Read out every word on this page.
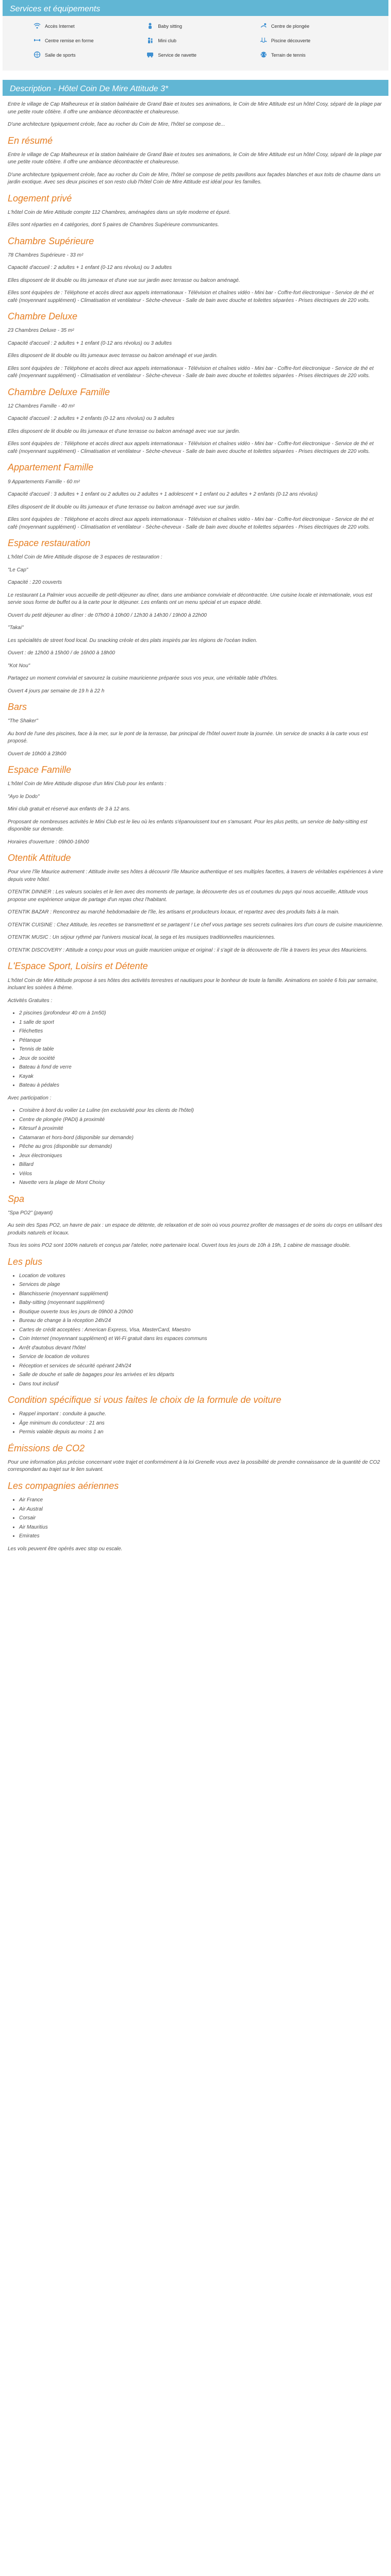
Services et équipements
Accès Internet	Baby sitting	Centre de plongée
Centre remise en forme	Mini club	Piscine découverte
Salle de sports	Service de navette	Terrain de tennis
Description - Hôtel Coin De Mire Attitude 3*

Entre le village de Cap Malheureux et la station balnéaire de Grand Baie et toutes ses animations, le Coin de Mire Attitude est un hôtel Cosy, séparé de la plage par une petite route côtière. Il offre une ambiance décontractée et chaleureuse.

D'une architecture typiquement créole, face au rocher du Coin de Mire, l'hôtel se compose de...

En résumé
Entre le village de Cap Malheureux et la station balnéaire de Grand Baie et toutes ses animations, le Coin de Mire Attitude est un hôtel Cosy, séparé de la plage par une petite route côtière. Il offre une ambiance décontractée et chaleureuse.
D'une architecture typiquement créole, face au rocher du Coin de Mire, l'hôtel se compose de petits pavillons aux façades blanches et aux toits de chaume dans un jardin exotique. Avec ses deux piscines et son resto club l'hôtel Coin de Mire Attitude est idéal pour les familles.
Logement privé
L'hôtel Coin de Mire Attitude compte 112 Chambres, aménagées dans un style moderne et épuré.
Elles sont réparties en 4 catégories, dont 5 paires de Chambres Supérieure communicantes.
Chambre Supérieure
78 Chambres Supérieure - 33 m²
Capacité d'accueil : 2 adultes + 1 enfant (0-12 ans révolus) ou 3 adultes
Elles disposent de lit double ou lits jumeaux et d'une vue sur jardin avec terrasse ou balcon aménagé.
Elles sont équipées de : Téléphone et accès direct aux appels internationaux - Télévision et chaînes vidéo - Mini bar - Coffre-fort électronique - Service de thé et café (moyennant supplément) - Climatisation et ventilateur - Sèche-cheveux - Salle de bain avec douche et toilettes séparées - Prises électriques de 220 volts.
Chambre Deluxe
23 Chambres Deluxe - 35 m²
Capacité d'accueil : 2 adultes + 1 enfant (0-12 ans révolus) ou 3 adultes
Elles disposent de lit double ou lits jumeaux avec terrasse ou balcon aménagé et vue jardin.
Elles sont équipées de : Téléphone et accès direct aux appels internationaux - Télévision et chaînes vidéo - Mini bar - Coffre-fort électronique - Service de thé et café (moyennant supplément) - Climatisation et ventilateur - Sèche-cheveux - Salle de bain avec douche et toilettes séparées - Prises électriques de 220 volts.
Chambre Deluxe Famille
12 Chambres Famille - 40 m²
Capacité d'accueil : 2 adultes + 2 enfants (0-12 ans révolus) ou 3 adultes
Elles disposent de lit double ou lits jumeaux et d'une terrasse ou balcon aménagé avec vue sur jardin.
Elles sont équipées de : Téléphone et accès direct aux appels internationaux - Télévision et chaînes vidéo - Mini bar - Coffre-fort électronique - Service de thé et café (moyennant supplément) - Climatisation et ventilateur - Sèche-cheveux - Salle de bain avec douche et toilettes séparées - Prises électriques de 220 volts.
Appartement Famille
9 Appartements Famille - 60 m²
Capacité d'accueil : 3 adultes + 1 enfant ou 2 adultes ou 2 adultes + 1 adolescent + 1 enfant ou 2 adultes + 2 enfants (0-12 ans révolus)
Elles disposent de lit double ou lits jumeaux et d'une terrasse ou balcon aménagé avec vue sur jardin.
Elles sont équipées de : Téléphone et accès direct aux appels internationaux - Télévision et chaînes vidéo - Mini bar - Coffre-fort électronique - Service de thé et café (moyennant supplément) - Climatisation et ventilateur - Sèche-cheveux - Salle de bain avec douche et toilettes séparées - Prises électriques de 220 volts.
Espace restauration
L'hôtel Coin de Mire Attitude dispose de 3 espaces de restauration :
"Le Cap"
Capacité : 220 couverts
Le restaurant La Palmier vous accueille de petit-déjeuner au dîner, dans une ambiance conviviale et décontractée. Une cuisine locale et internationale, vous est servie sous forme de buffet ou à la carte pour le déjeuner. Les enfants ont un menu spécial et un espace dédié.
Ouvert du petit déjeuner au dîner : de 07h00 à 10h00 / 12h30 à 14h30 / 19h00 à 22h00
"Takai"
Les spécialités de street food local. Du snacking créole et des plats inspirés par les régions de l'océan Indien.
Ouvert : de 12h00 à 15h00 / de 16h00 à 18h00
"Kot Nou"
Partagez un moment convivial et savourez la cuisine mauricienne préparée sous vos yeux, une véritable table d'hôtes.
Ouvert 4 jours par semaine de 19 h à 22 h
Bars
"The Shaker"
Au bord de l'une des piscines, face à la mer, sur le pont de la terrasse, bar principal de l'hôtel ouvert toute la journée. Un service de snacks à la carte vous est proposé.
Ouvert de 10h00 à 23h00
Espace Famille
L'hôtel Coin de Mire Attitude dispose d'un Mini Club pour les enfants :
"Ayo le Dodo"
Mini club gratuit et réservé aux enfants de 3 à 12 ans.
Proposant de nombreuses activités le Mini Club est le lieu où les enfants s'épanouissent tout en s'amusant. Pour les plus petits, un service de baby-sitting est disponible sur demande.
Horaires d'ouverture : 09h00-16h00
Otentik Attitude
Pour vivre l'île Maurice autrement : Attitude invite ses hôtes à découvrir l'île Maurice authentique et ses multiples facettes, à travers de véritables expériences à vivre depuis votre hôtel.
OTENTIK DINNER : Les valeurs sociales et le lien avec des moments de partage, la découverte des us et coutumes du pays qui nous accueille, Attitude vous propose une expérience unique de partage d'un repas chez l'habitant.
OTENTIK BAZAR : Rencontrez au marché hebdomadaire de l'île, les artisans et producteurs locaux, et repartez avec des produits faits à la main.
OTENTIK CUISINE : Chez Attitude, les recettes se transmettent et se partagent ! Le chef vous partage ses secrets culinaires lors d'un cours de cuisine mauricienne.
OTENTIK MUSIC : Un séjour rythmé par l'univers musical local, la sega et les musiques traditionnelles mauriciennes.
OTENTIK DISCOVERY : Attitude a conçu pour vous un guide mauricien unique et original : il s'agit de la découverte de l'île à travers les yeux des Mauriciens.
L'Espace Sport, Loisirs et Détente
L'hôtel Coin de Mire Attitude propose à ses hôtes des activités terrestres et nautiques pour le bonheur de toute la famille. Animations en soirée 6 fois par semaine, incluant les soirées à thème.
Activités Gratuites :
• 2 piscines (profondeur 40 cm à 1m50)
• 1 salle de sport
• Fléchettes
• Pétanque
• Tennis de table
• Jeux de société
• Bateau à fond de verre
• Kayak
• Bateau à pédales
Avec participation :
• Croisière à bord du voilier Le Luline (en exclusivité pour les clients de l'hôtel)
• Centre de plongée (PADI) à proximité
• Kitesurf à proximité
• Catamaran et hors-bord (disponible sur demande)
• Pêche au gros (disponible sur demande)
• Jeux électroniques
• Billard
• Vélos
• Navette vers la plage de Mont Choisy
Spa
"Spa PO2" (payant)
Au sein des Spas PO2, un havre de paix : un espace de détente, de relaxation et de soin où vous pourrez profiter de massages et de soins du corps en utilisant des produits naturels et locaux.
Tous les soins PO2 sont 100% naturels et conçus par l'atelier, notre partenaire local. Ouvert tous les jours de 10h à 19h, 1 cabine de massage double.
Les plus
• Location de voitures
• Services de plage
• Blanchisserie (moyennant supplément)
• Baby-sitting (moyennant supplément)
• Boutique ouverte tous les jours de 09h00 à 20h00
• Bureau de change à la réception 24h/24
• Cartes de crédit acceptées : American Express, Visa, MasterCard, Maestro
• Coin Internet (moyennant supplément) et Wi-Fi gratuit dans les espaces communs
• Arrêt d'autobus devant l'hôtel
• Service de location de voitures
• Réception et services de sécurité opérant 24h/24
• Salle de douche et salle de bagages pour les arrivées et les départs
• Dans tout inclusif
Condition spécifique si vous faites le choix de la formule de voiture
• Rappel important : conduite à gauche.
• Âge minimum du conducteur : 21 ans
• Permis valable depuis au moins 1 an
Émissions de CO2
Pour une information plus précise concernant votre trajet et conformément à la loi Grenelle vous avez la possibilité de prendre connaissance de la quantité de CO2 correspondant au trajet sur le lien suivant.
Les compagnies aériennes
• Air France
• Air Austral
• Corsair
• Air Mauritius
• Emirates
Les vols peuvent être opérés avec stop ou escale.
